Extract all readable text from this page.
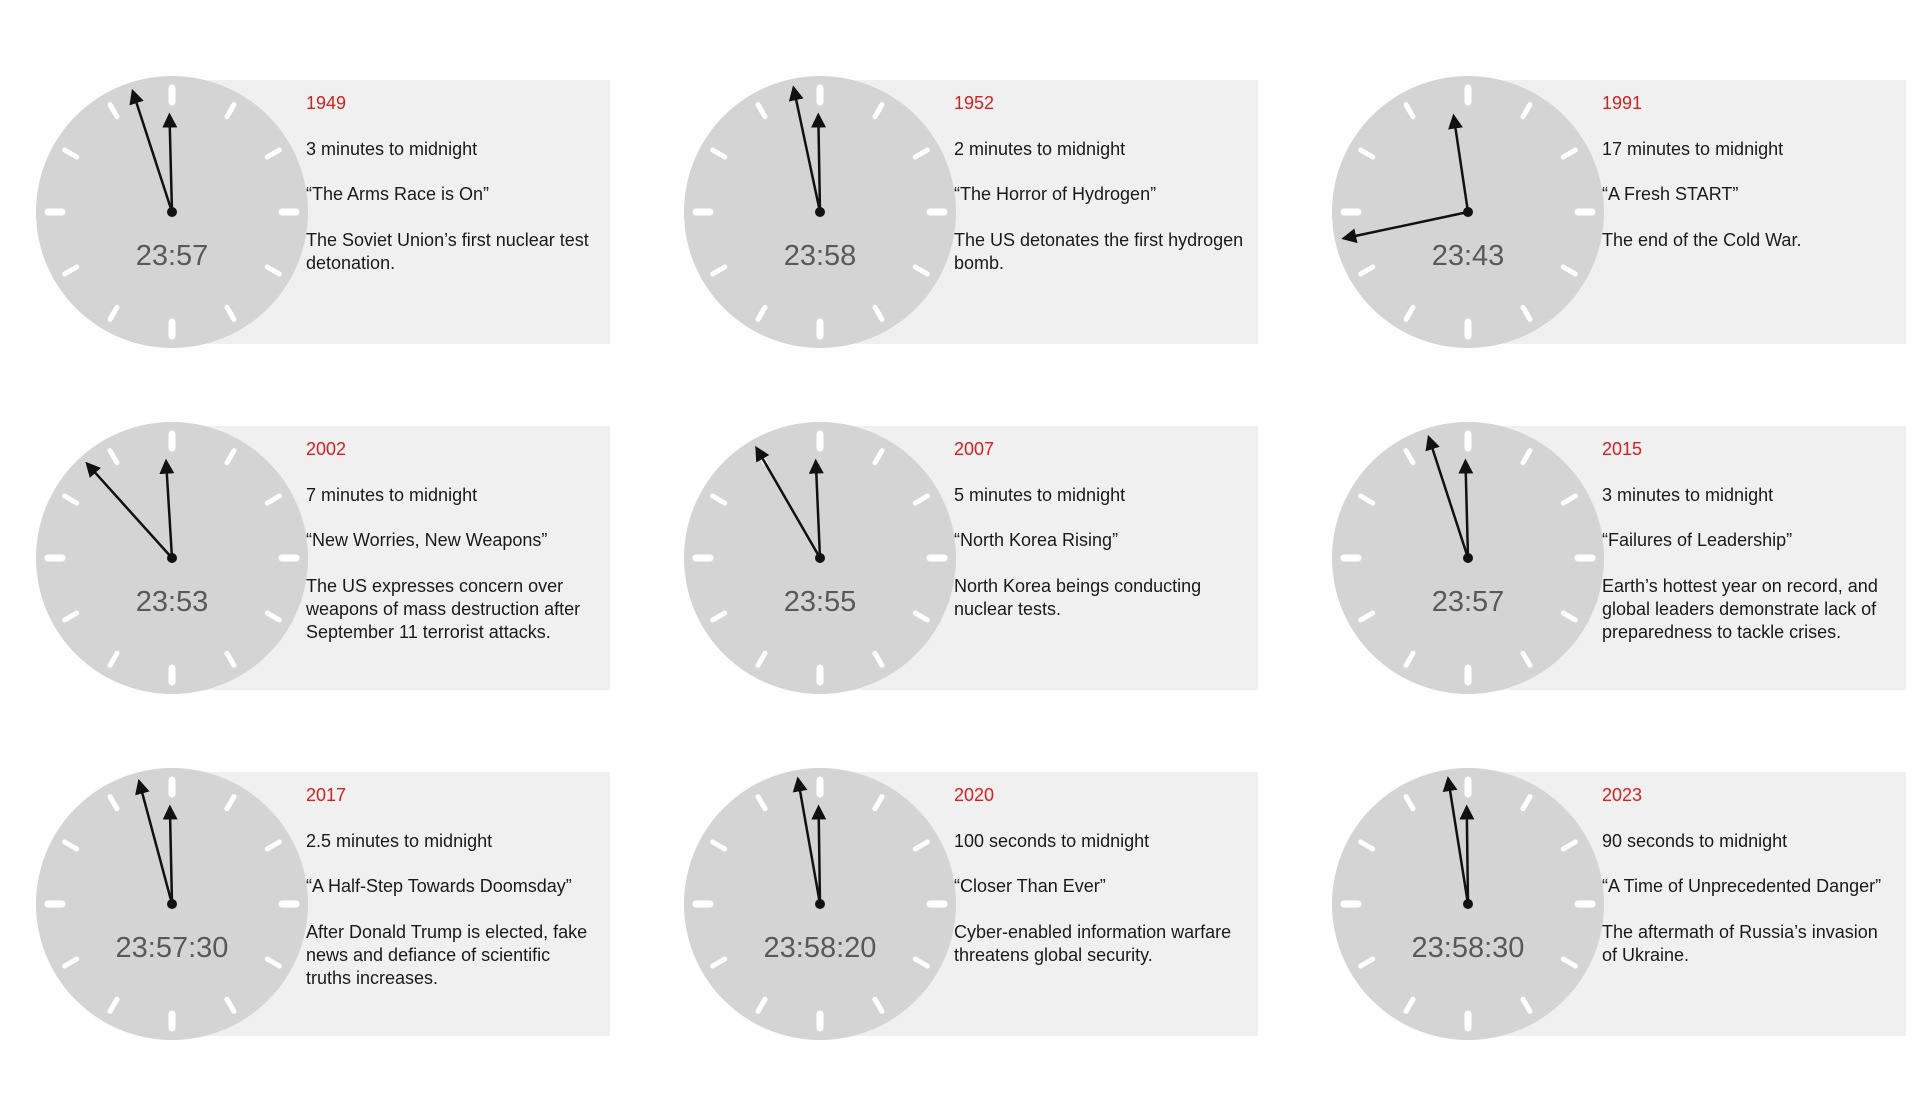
23:57
1949
3 minutes to midnight
“The Arms Race is On”
The Soviet Union’s first nuclear test detonation.	23:58
1952
2 minutes to midnight
“The Horror of Hydrogen”
The US detonates the first hydrogen bomb.	23:43
1991
17 minutes to midnight
“A Fresh START”
The end of the Cold War.
23:53
2002
7 minutes to midnight
“New Worries, New Weapons”
The US expresses concern over weapons of mass destruction after September 11 terrorist attacks.
23:55
2007
5 minutes to midnight
“North Korea Rising”
North Korea beings conducting nuclear tests.	23:57
2015
3 minutes to midnight
“Failures of Leadership”
Earth’s hottest year on record, and global leaders demonstrate lack of preparedness to tackle crises.
23:57:30
2017
2.5 minutes to midnight
“A Half-Step Towards Doomsday”
After Donald Trump is elected, fake news and defiance of scientific truths increases.
23:58:20
2020
100 seconds to midnight
“Closer Than Ever”
Cyber-enabled information warfare threatens global security.	23:58:30
2023
90 seconds to midnight
“A Time of Unprecedented Danger”
The aftermath of Russia’s invasion of Ukraine.
